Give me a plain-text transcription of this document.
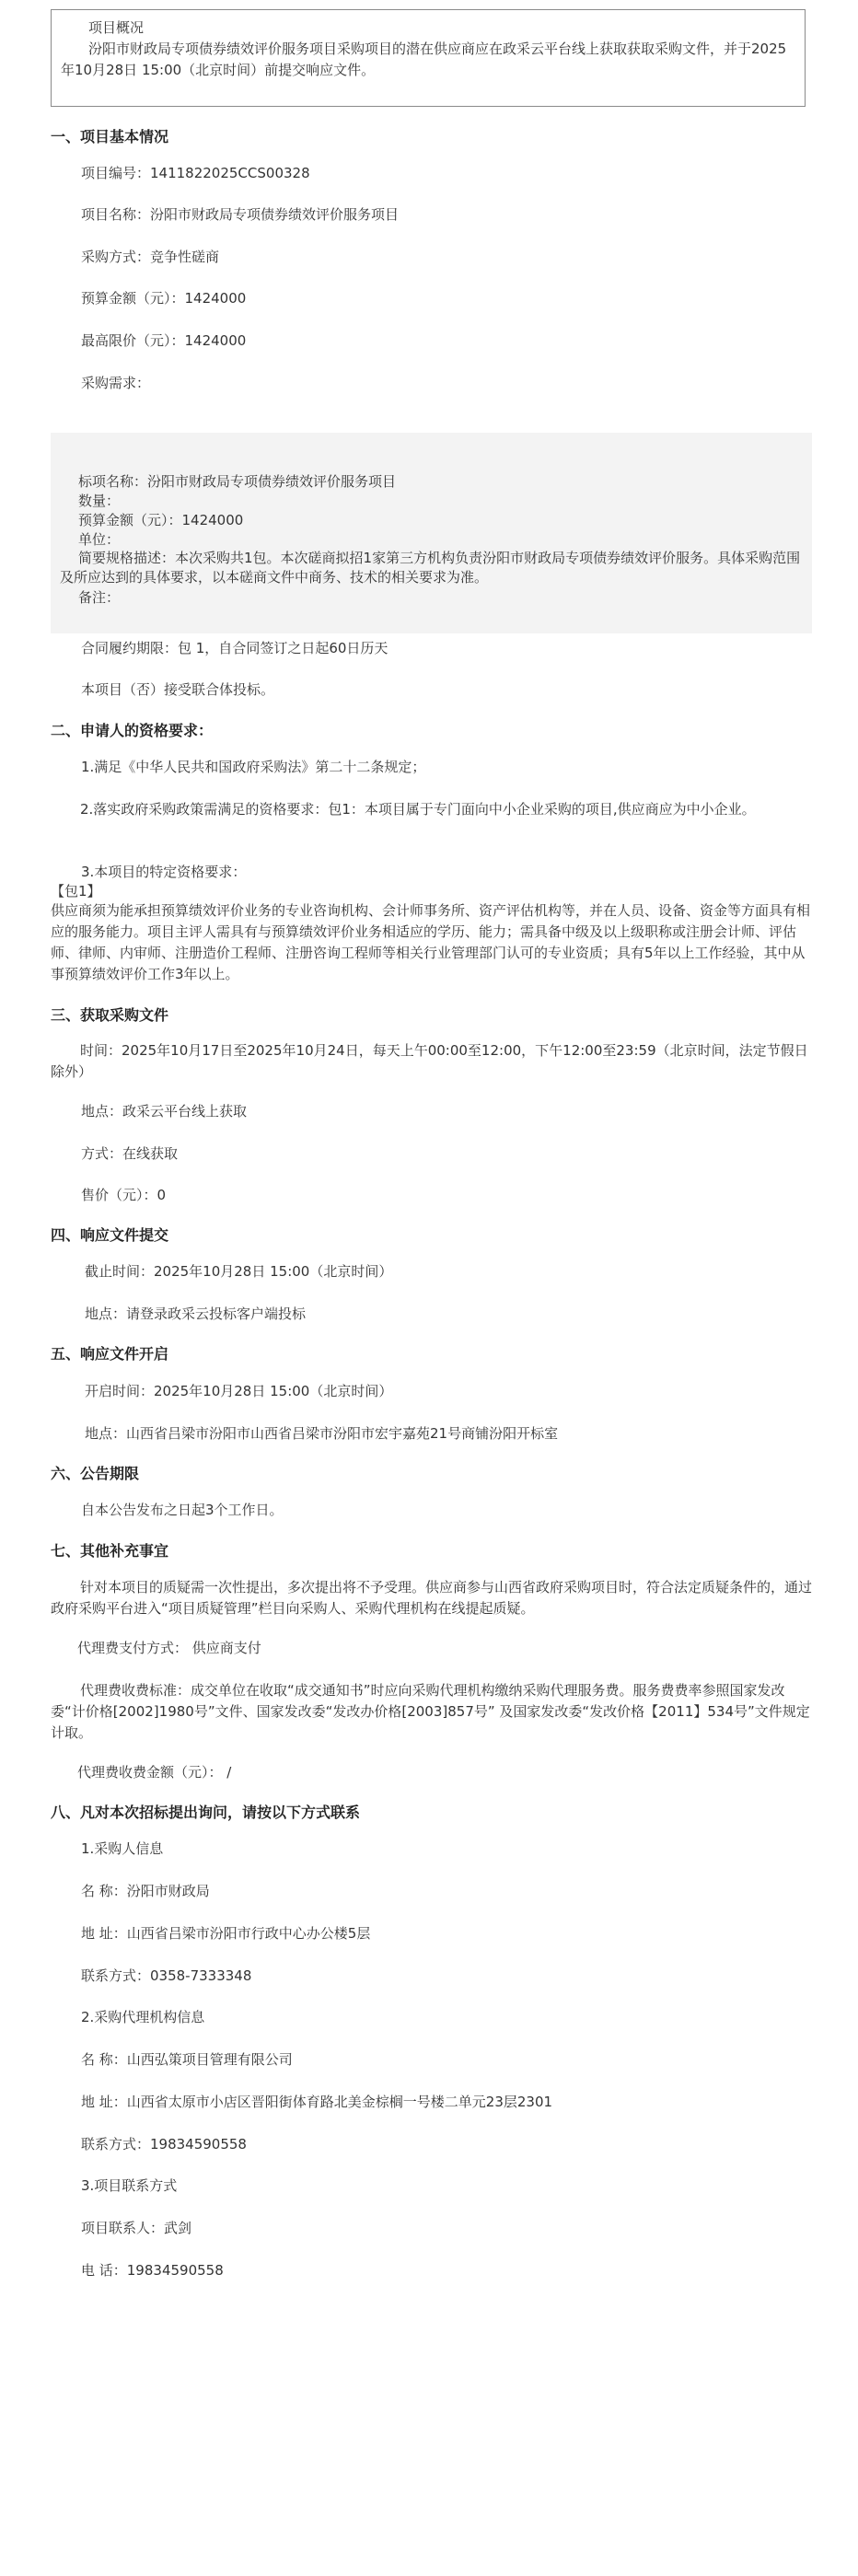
项目概况
汾阳市财政局专项债券绩效评价服务项目采购项目的潜在供应商应在政采云平台线上获取获取采购文件，并于2025年10月28日 15:00（北京时间）前提交响应文件。
一、项目基本情况
项目编号：1411822025CCS00328
项目名称：汾阳市财政局专项债券绩效评价服务项目
采购方式：竞争性磋商
预算金额（元）：1424000
最高限价（元）：1424000
采购需求：
标项名称：汾阳市财政局专项债券绩效评价服务项目
数量：
预算金额（元）：1424000
单位：
简要规格描述：本次采购共1包。本次磋商拟招1家第三方机构负责汾阳市财政局专项债券绩效评价服务。具体采购范围及所应达到的具体要求，以本磋商文件中商务、技术的相关要求为准。
备注：
合同履约期限：包 1，自合同签订之日起60日历天
本项目（否）接受联合体投标。
二、申请人的资格要求：
1.满足《中华人民共和国政府采购法》第二十二条规定；
2.落实政府采购政策需满足的资格要求：包1：本项目属于专门面向中小企业采购的项目,供应商应为中小企业。
3.本项目的特定资格要求：
【包1】
供应商须为能承担预算绩效评价业务的专业咨询机构、会计师事务所、资产评估机构等，并在人员、设备、资金等方面具有相应的服务能力。项目主评人需具有与预算绩效评价业务相适应的学历、能力；需具备中级及以上级职称或注册会计师、评估师、律师、内审师、注册造价工程师、注册咨询工程师等相关行业管理部门认可的专业资质；具有5年以上工作经验，其中从事预算绩效评价工作3年以上。
三、获取采购文件
时间：2025年10月17日至2025年10月24日，每天上午00:00至12:00，下午12:00至23:59（北京时间，法定节假日除外）
地点：政采云平台线上获取
方式：在线获取
售价（元）：0
四、响应文件提交
截止时间：2025年10月28日 15:00（北京时间）
地点：请登录政采云投标客户端投标
五、响应文件开启
开启时间：2025年10月28日 15:00（北京时间）
地点：山西省吕梁市汾阳市山西省吕梁市汾阳市宏宇嘉苑21号商铺汾阳开标室
六、公告期限
自本公告发布之日起3个工作日。
七、其他补充事宜
针对本项目的质疑需一次性提出，多次提出将不予受理。供应商参与山西省政府采购项目时，符合法定质疑条件的，通过政府采购平台进入“项目质疑管理”栏目向采购人、采购代理机构在线提起质疑。
代理费支付方式： 供应商支付
代理费收费标准：成交单位在收取“成交通知书”时应向采购代理机构缴纳采购代理服务费。服务费费率参照国家发改委“计价格[2002]1980号”文件、国家发改委“发改办价格[2003]857号” 及国家发改委“发改价格【2011】534号”文件规定计取。
代理费收费金额（元）： /
八、凡对本次招标提出询问，请按以下方式联系
1.采购人信息
名 称：汾阳市财政局
地 址：山西省吕梁市汾阳市行政中心办公楼5层
联系方式：0358-7333348
2.采购代理机构信息
名 称：山西弘策项目管理有限公司
地 址：山西省太原市小店区晋阳街体育路北美金棕榈一号楼二单元23层2301
联系方式：19834590558
3.项目联系方式
项目联系人：武剑
电 话：19834590558
